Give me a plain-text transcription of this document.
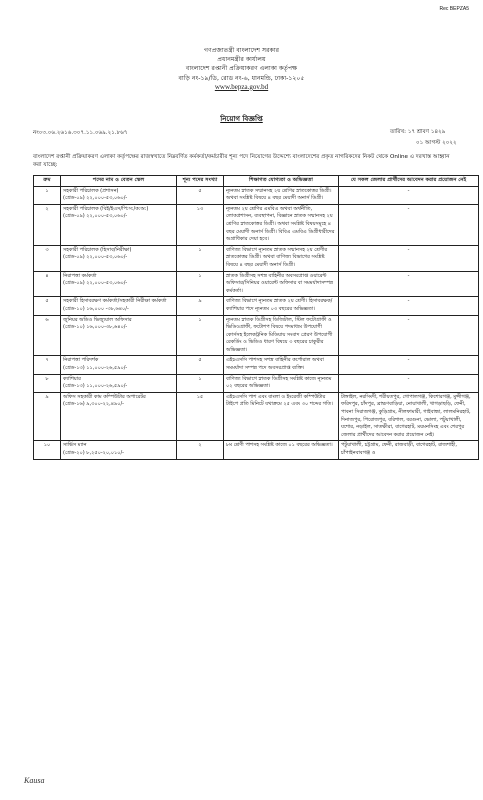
Rec BEPZA5
গণপ্রজাতন্ত্রী বাংলাদেশ সরকার
প্রধানমন্ত্রীর কার্যালয়
বাংলাদেশ রপ্তানী প্রক্রিয়াকরণ এলাকা কর্তৃপক্ষ
বাড়ি নং-১৯/ডি, রোড নং-৬, ধানমন্ডি, ঢাকা-১২০৫
www.bepza.gov.bd
নিয়োগ বিজ্ঞপ্তি
নং০৩.০৬.২৬১৬.৩০৭.১১.০৬৯.২১.৮৬৭	তারিখ: ১৭ শ্রাবণ ১৪২৯
০১ আগস্ট ২০২২
বাংলাদেশ রপ্তানী প্রক্রিয়াকরণ এলাকা কর্তৃপক্ষের রাজস্বখাতে নিম্নবর্ণিত কর্মকর্তা/কর্মচারীর শূন্য পদে নিয়োগের উদ্দেশ্যে বাংলাদেশের প্রকৃত নাগরিকদের নিকট থেকে Online এ দরখাস্ত আহ্বান করা যাচ্ছে:
ক্রম	পদের নাম ও বেতন স্কেল	শূন্য পদের সংখ্যা	শিক্ষাগত যোগ্যতা ও অভিজ্ঞতা	যে সকল জেলার প্রার্থীদের আবেদন করার প্রয়োজন নেই
১	সহকারী পরিচালক (প্রশাসন)
(গ্রেড-০৯) ২২,০০০-৫৩,০৬০/-	৫	ন্যূনতম স্নাতক সম্মানসহ ২য় শ্রেণির স্নাতকোত্তর ডিগ্রী। অথবা সংশ্লিষ্ট বিষয়ে ৪ বছর মেয়াদী অনার্স ডিগ্রী।	-

২	সহকারী পরিচালক (বিই/ইএস/পি:স:/ক:অ:)
(গ্রেড-০৯) ২২,০০০-৫৩,০৬০/-	১৩	ন্যূনতম ২য় শ্রেণির এমবিএ অথবা অর্থনীতি, লোকপ্রশাসন, ব্যবস্থাপনা, বিজ্ঞানে স্নাতক সম্মানসহ ২য় শ্রেণির স্নাতকোত্তর ডিগ্রী। অথবা সংশ্লিষ্ট বিষয়সমূহে ৪ বছর মেয়াদী অনার্স ডিগ্রী। বিবিএ এমবিএ ডিগ্রীধারীদের অগ্রাধিকার দেয়া হবে।	-

৩	সহকারী পরিচালক (হিসাব/নিরীক্ষা)
(গ্রেড-০৯) ২২,০০০-৫৩,০৬০/-	১	বাণিজ্য বিভাগে ন্যূনতম স্নাতক সম্মানসহ ২য় শ্রেণীর স্নাতকোত্তর ডিগ্রী। অথবা বাণিজ্য বিভাগের সংশ্লিষ্ট বিষয়ে ৪ বছর মেয়াদী অনার্স ডিগ্রী।	-

৪	নিরাপত্তা কর্মকর্তা
(গ্রেড-০৯) ২২,০০০-৫৩,০৬০/-	১	স্নাতক ডিগ্রীসহ সশস্ত্র বাহিনীর অবসরপ্রাপ্ত ওয়ারেন্ট অফিসার/সিনিয়র ওয়ারেন্ট অফিসার বা সমমর্যাদাসম্পন্ন কর্মকর্তা।	-

৫	সহকারী হিসাবরক্ষণ কর্মকর্তা/সহকারী নিরীক্ষা কর্মকর্তা
(গ্রেড-১০) ১৬,০০০ -৩৮,৬৪০/-	৯	বাণিজ্য বিভাগে ন্যূনতম স্নাতক ২য় শ্রেণী। হিসাবরক্ষক/ক্যাশিয়ার পদে ন্যূনতম ০৩ বছরের অভিজ্ঞতা।	-

৬	জুনিয়র অডিও ভিজ্যুয়াল অফিসার
(গ্রেড-১০) ১৬,০০০-৩৮,৬৪০/-	১	ন্যূনতম স্নাতক ডিগ্রীসহ ডিজিটাল, স্টিল ফটোগ্রাফী ও ভিডিওগ্রাফী, ফটোশপ বিষয়ে পদমাধ্যম উপযোগী কোর্সসহ ইলেকট্রনিক মিডিয়ায় সংবাদ প্রেরণ উপযোগী রেকর্ডিং ও ভিডিও ধারণ বিষয়ে ৩ বছরের চাকুরীর অভিজ্ঞতা।	-

৭	নিরাপত্তা পরিদর্শক
(গ্রেড-১৩) ১১,০০০-২৬,৫৯০/-	৫	এইচএসসি পাশসহ সশস্ত্র বাহিনীর কর্পোরাল অথবা সমমর্যাদা সম্পন্ন পদে অবসরপ্রাপ্ত ব্যক্তি।	-

৮	ক্যাশিয়ার
(গ্রেড-১৩) ১১,০০০-২৬,৫৯০/-	১	বাণিজ্য বিভাগে স্নাতক ডিগ্রীসহ সংশ্লিষ্ট কাজে ন্যূনতম ০২ বছরের অভিজ্ঞতা।	-

৯	অফিস সহকারী কাম কম্পিউটার অপারেটর
(গ্রেড-১৬) ৯,৩০০-২২,৪৯০/-	১৫	এইচএসসি পাশ এবং বাংলা ও ইংরেজী কম্পিউটার টাইপে প্রতি মিনিটে যথাক্রমে ২৫ এবং ৩০ শব্দের গতি।	টাঙ্গাইল, নরসিংদী, শরীয়তপুর, গোপালগঞ্জ, কিশোরগঞ্জ, মুন্সীগঞ্জ, ফরিদপুর, চাঁদপুর, ব্রাহ্মণবাড়িয়া, নোয়াখালী, খাগড়াছড়ি, ফেনী, পাবনা সিরাজগঞ্জ, কুড়িগ্রাম, নীলফামারী, গাইবান্ধা, লালমনিরহাট, দিনাজপুর, পিরোজপুর, বরিশাল, বরগুনা, ভোলা, পটুয়াখালী, যশোর, নড়াইল, সাতক্ষীরা, বাগেরহাট, ময়মনসিংহ এবং শেরপুর জেলার প্রার্থীদের আবেদন করার প্রয়োজন নেই।
১০	সার্ভিস ম্যান
(গ্রেড-২০) ৮,২৫০-২০,০১০/-	২	৮ম শ্রেণী পাশসহ সংশ্লিষ্ট কাজে ০১ বছরের অভিজ্ঞতা।	পটুয়াখালী, চট্টগ্রাম, ফেনী, রাজবাড়ী, বাগেরহাট, রাজশাহী, চাঁপাইনবাবগঞ্জ ও
Kausa
